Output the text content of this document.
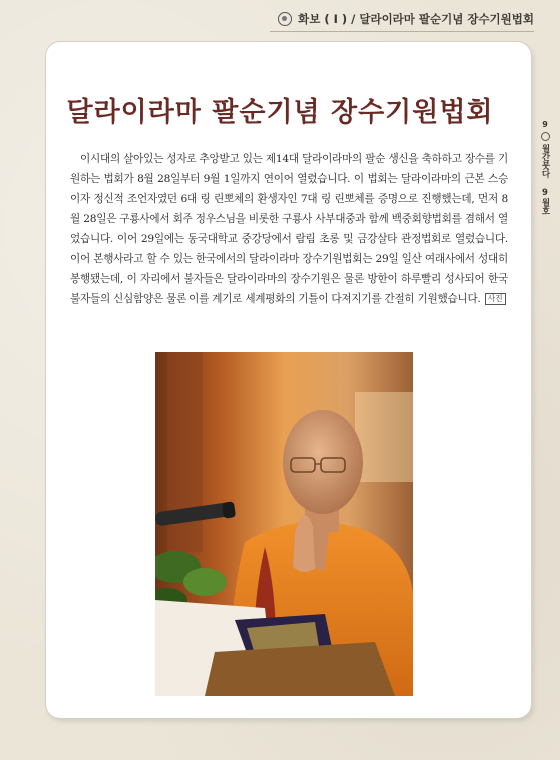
화보 ( Ⅰ ) / 달라이라마 팔순기념 장수기원법회
달라이라마 팔순기념 장수기원법회

이시대의 살아있는 성자로 추앙받고 있는 제14대 달라이라마의 팔순 생신을 축하하고 장수를 기원하는 법회가 8월 28일부터 9월 1일까지 연이어 열렸습니다. 이 법회는 달라이라마의 근본 스승이자 정신적 조언자였던 6대 링 린뽀체의 환생자인 7대 링 린뽀체를 증명으로 진행했는데, 먼저 8월 28일은 구룡사에서 회주 정우스님을 비롯한 구룡사 사부대중과 함께 백중회향법회를 겸해서 열었습니다. 이어 29일에는 동국대학교 중강당에서 람림 초롱 및 금강살타 관정법회로 열렸습니다. 이어 본행사라고 할 수 있는 한국에서의 달라이라마 장수기원법회는 29일 일산 여래사에서 성대히 봉행됐는데, 이 자리에서 불자들은 달라이라마의 장수기원은 물론 방한이 하루빨리 성사되어 한국 불자들의 신심함양은 물론 이를 계기로 세계평화의 기틀이 다져지기를 간절히 기원했습니다. 사진

9
월간붓다 9월호
